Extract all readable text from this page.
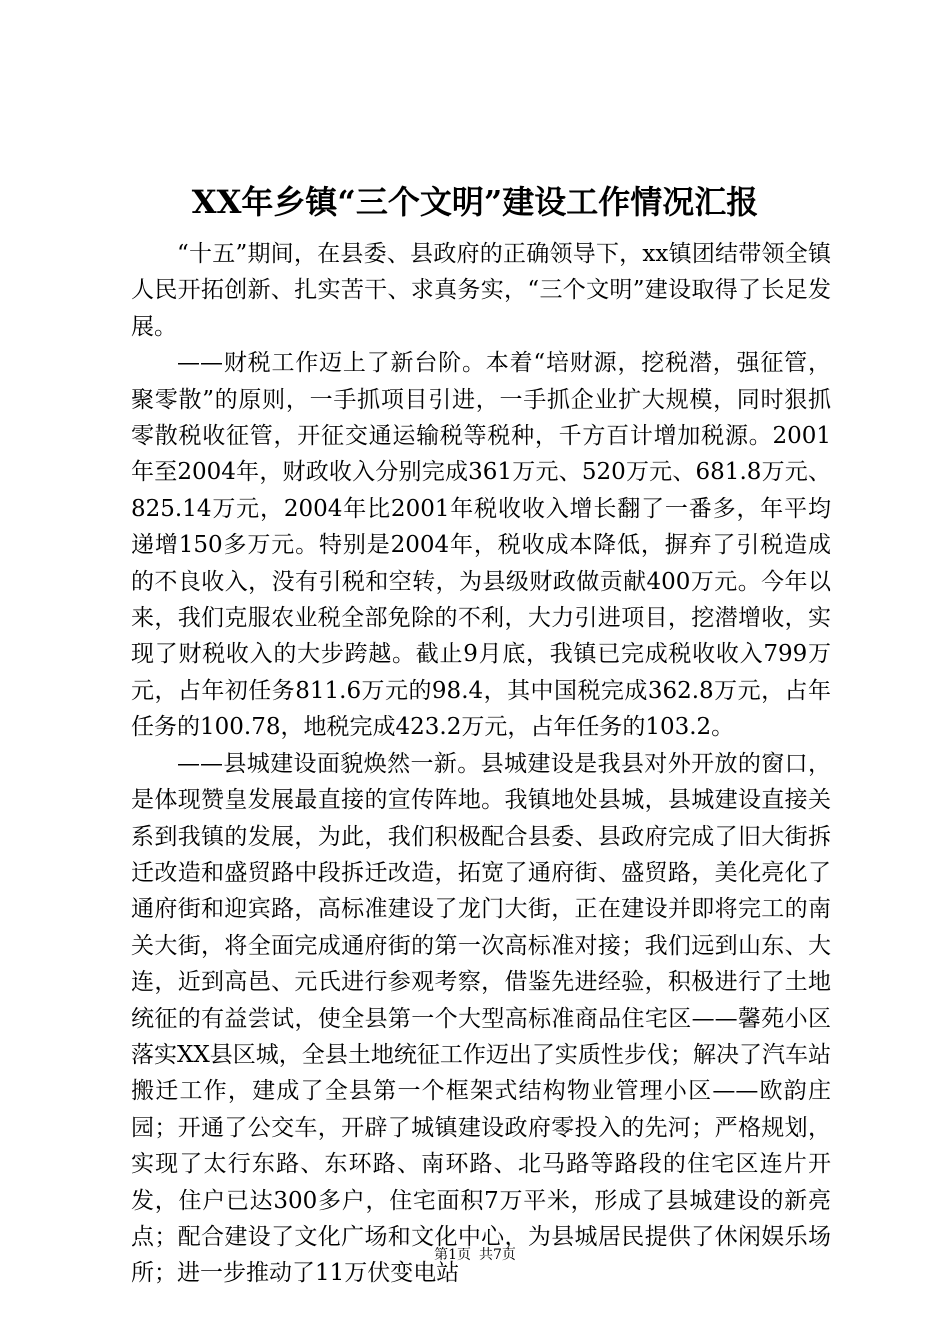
XX年乡镇“三个文明”建设工作情况汇报

“十五”期间，在县委、县政府的正确领导下，xx镇团结带领全镇人民开拓创新、扎实苦干、求真务实，“三个文明”建设取得了长足发展。

——财税工作迈上了新台阶。本着“培财源，挖税潜，强征管，聚零散”的原则，一手抓项目引进，一手抓企业扩大规模，同时狠抓零散税收征管，开征交通运输税等税种，千方百计增加税源。2001年至2004年，财政收入分别完成361万元、520万元、681.8万元、825.14万元，2004年比2001年税收收入增长翻了一番多，年平均递增150多万元。特别是2004年，税收成本降低，摒弃了引税造成的不良收入，没有引税和空转，为县级财政做贡献400万元。今年以来，我们克服农业税全部免除的不利，大力引进项目，挖潜增收，实现了财税收入的大步跨越。截止9月底，我镇已完成税收收入799万元，占年初任务811.6万元的98.4，其中国税完成362.8万元，占年任务的100.78，地税完成423.2万元，占年任务的103.2。

——县城建设面貌焕然一新。县城建设是我县对外开放的窗口，是体现赞皇发展最直接的宣传阵地。我镇地处县城，县城建设直接关系到我镇的发展，为此，我们积极配合县委、县政府完成了旧大街拆迁改造和盛贸路中段拆迁改造，拓宽了通府街、盛贸路，美化亮化了通府街和迎宾路，高标准建设了龙门大街，正在建设并即将完工的南关大街，将全面完成通府街的第一次高标准对接；我们远到山东、大连，近到高邑、元氏进行参观考察，借鉴先进经验，积极进行了土地统征的有益尝试，使全县第一个大型高标准商品住宅区——馨苑小区落实XX县区城，全县土地统征工作迈出了实质性步伐；解决了汽车站搬迁工作，建成了全县第一个框架式结构物业管理小区——欧韵庄园；开通了公交车，开辟了城镇建设政府零投入的先河；严格规划，实现了太行东路、东环路、南环路、北马路等路段的住宅区连片开发，住户已达300多户，住宅面积7万平米，形成了县城建设的新亮点；配合建设了文化广场和文化中心，为县城居民提供了休闲娱乐场所；进一步推动了11万伏变电站

第1页 共7页
